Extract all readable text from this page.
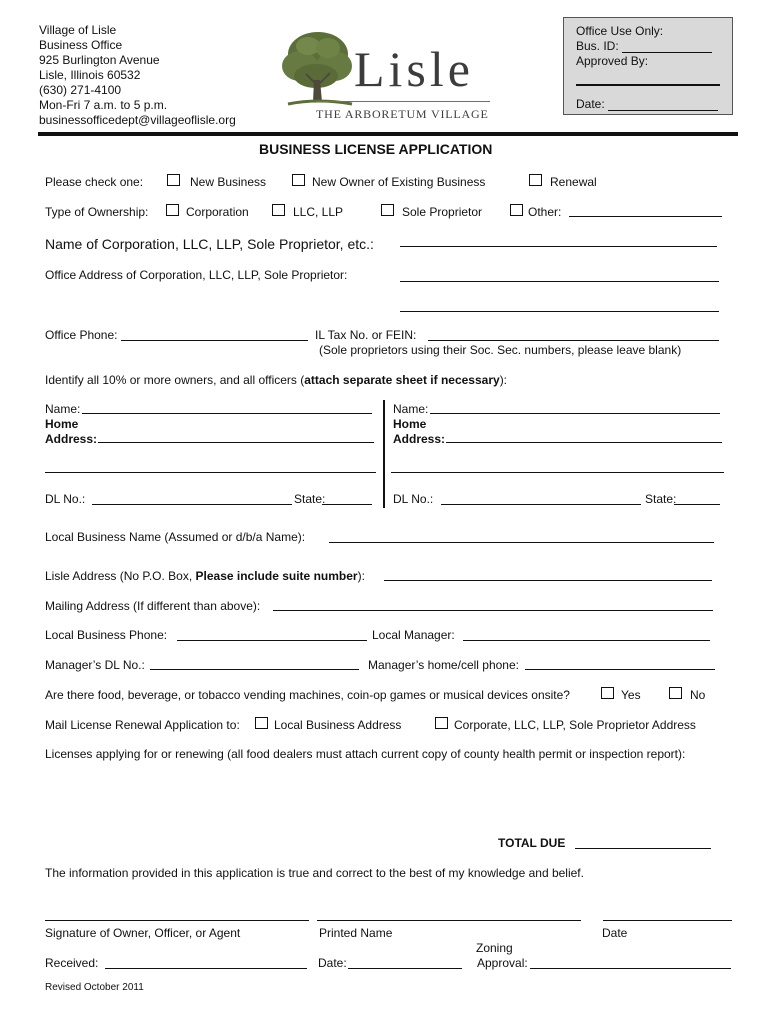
Village of Lisle
Business Office
925 Burlington Avenue
Lisle, Illinois 60532
(630) 271-4100
Mon-Fri 7 a.m. to 5 p.m.
businessofficedept@villageoflisle.org
Lisle
THE ARBORETUM VILLAGE
Office Use Only:
Bus. ID:
Approved By:
Date:
BUSINESS LICENSE APPLICATION
Please check one:	New Business	New Owner of Existing Business	Renewal
Type of Ownership:	Corporation	LLC, LLP	Sole Proprietor	Other:
Name of Corporation, LLC, LLP, Sole Proprietor, etc.:
Office Address of Corporation, LLC, LLP, Sole Proprietor:
Office Phone:	IL Tax No. or FEIN:
(Sole proprietors using their Soc. Sec. numbers, please leave blank)
Identify all 10% or more owners, and all officers (attach separate sheet if necessary):
Name:
Home
Address:
DL No.:	State:
Name:
Home
Address:
DL No.:	State:
Local Business Name (Assumed or d/b/a Name):
Lisle Address (No P.O. Box, Please include suite number):
Mailing Address (If different than above):
Local Business Phone:	Local Manager:
Manager’s DL No.:	Manager’s home/cell phone:
Are there food, beverage, or tobacco vending machines, coin-op games or musical devices onsite?	Yes	No
Mail License Renewal Application to:	Local Business Address	Corporate, LLC, LLP, Sole Proprietor Address
Licenses applying for or renewing (all food dealers must attach current copy of county health permit or inspection report):
TOTAL DUE
The information provided in this application is true and correct to the best of my knowledge and belief.
Signature of Owner, Officer, or Agent	Printed Name	Date
Zoning
Received:	Date:	Approval:
Revised October 2011
